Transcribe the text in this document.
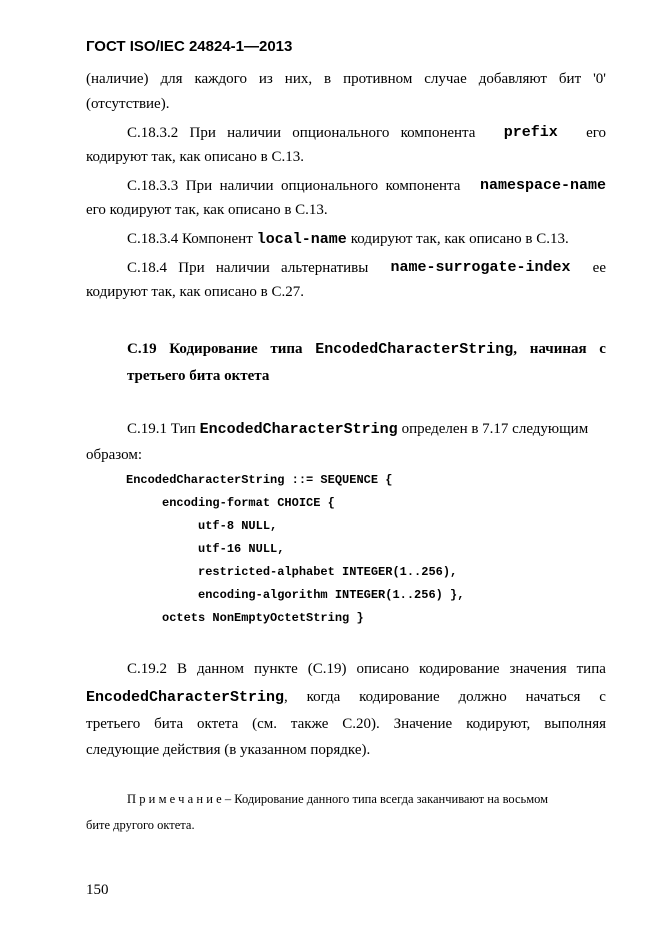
ГОСТ ISO/IEC 24824-1—2013
(наличие) для каждого из них, в противном случае добавляют бит '0'
(отсутствие).
С.18.3.2   При   наличии   опционального   компонента prefix его
кодируют так, как описано в С.13.
С.18.3.3  При  наличии  опционального  компонента namespace-name
его кодируют так, как описано в С.13.
С.18.3.4 Компонент local-name кодируют так, как описано в С.13.
С.18.4   При   наличии   альтернативы name-surrogate-index ее
кодируют так, как описано в С.27.
С.19 Кодирование типа EncodedCharacterString, начиная с
третьего бита октета
С.19.1 Тип EncodedCharacterString определен в 7.17 следующим
образом:
EncodedCharacterString ::= SEQUENCE {
encoding-format CHOICE {
utf-8 NULL,
utf-16 NULL,
restricted-alphabet INTEGER(1..256),
encoding-algorithm INTEGER(1..256) },
octets NonEmptyOctetString }
С.19.2 В данном пункте (С.19) описано кодирование значения типа
EncodedCharacterString, когда кодирование должно начаться с
третьего бита октета (см. также С.20). Значение кодируют, выполняя
следующие действия (в указанном порядке).
Примечание– Кодирование данного типа всегда заканчивают на восьмом
бите другого октета.
150
